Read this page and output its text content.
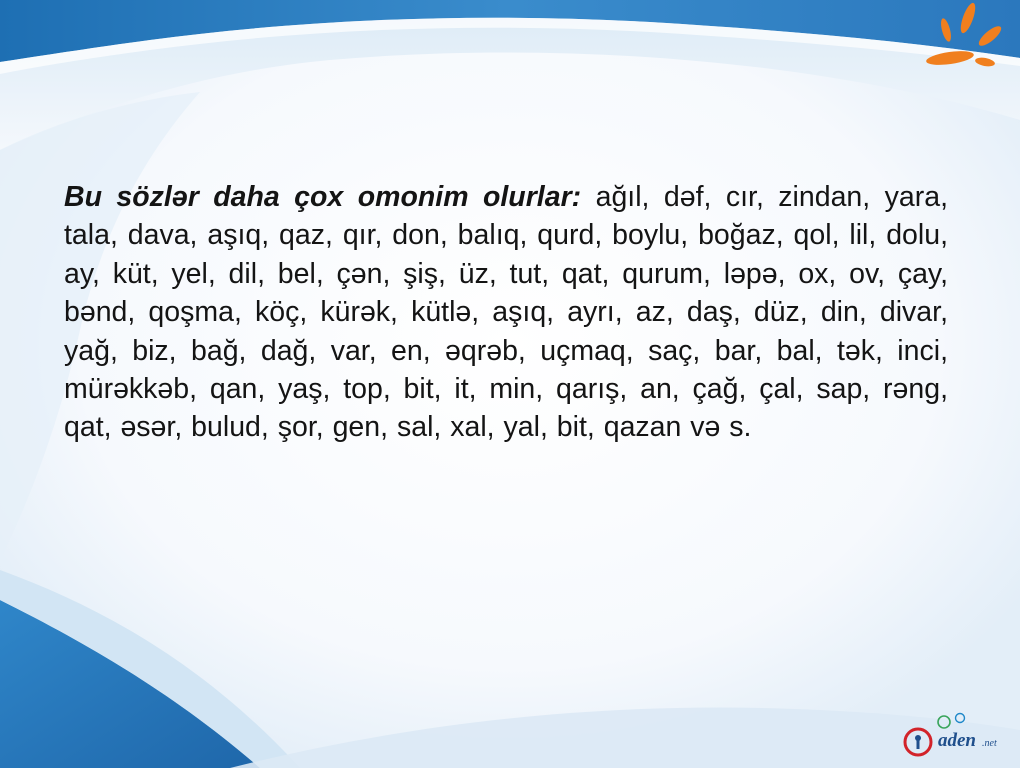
Bu sözlər daha çox omonim olurlar: ağıl, dəf, cır, zindan, yara, tala, dava, aşıq, qaz, qır, don, balıq, qurd, boylu, boğaz, qol, lil, dolu, ay, küt, yel, dil, bel, çən, şiş, üz, tut, qat, qurum, ləpə, ox, ov, çay, bənd, qoşma, köç, kürək, kütlə, aşıq, ayrı, az, daş, düz, din, divar, yağ, biz, bağ, dağ, var, en, əqrəb, uçmaq, saç, bar, bal, tək, inci, mürəkkəb, qan, yaş, top, bit, it, min, qarış, an, çağ, çal, sap, rəng, qat, əsər, bulud, şor, gen, sal, xal, yal, bit, qazan və s.

aden .net
